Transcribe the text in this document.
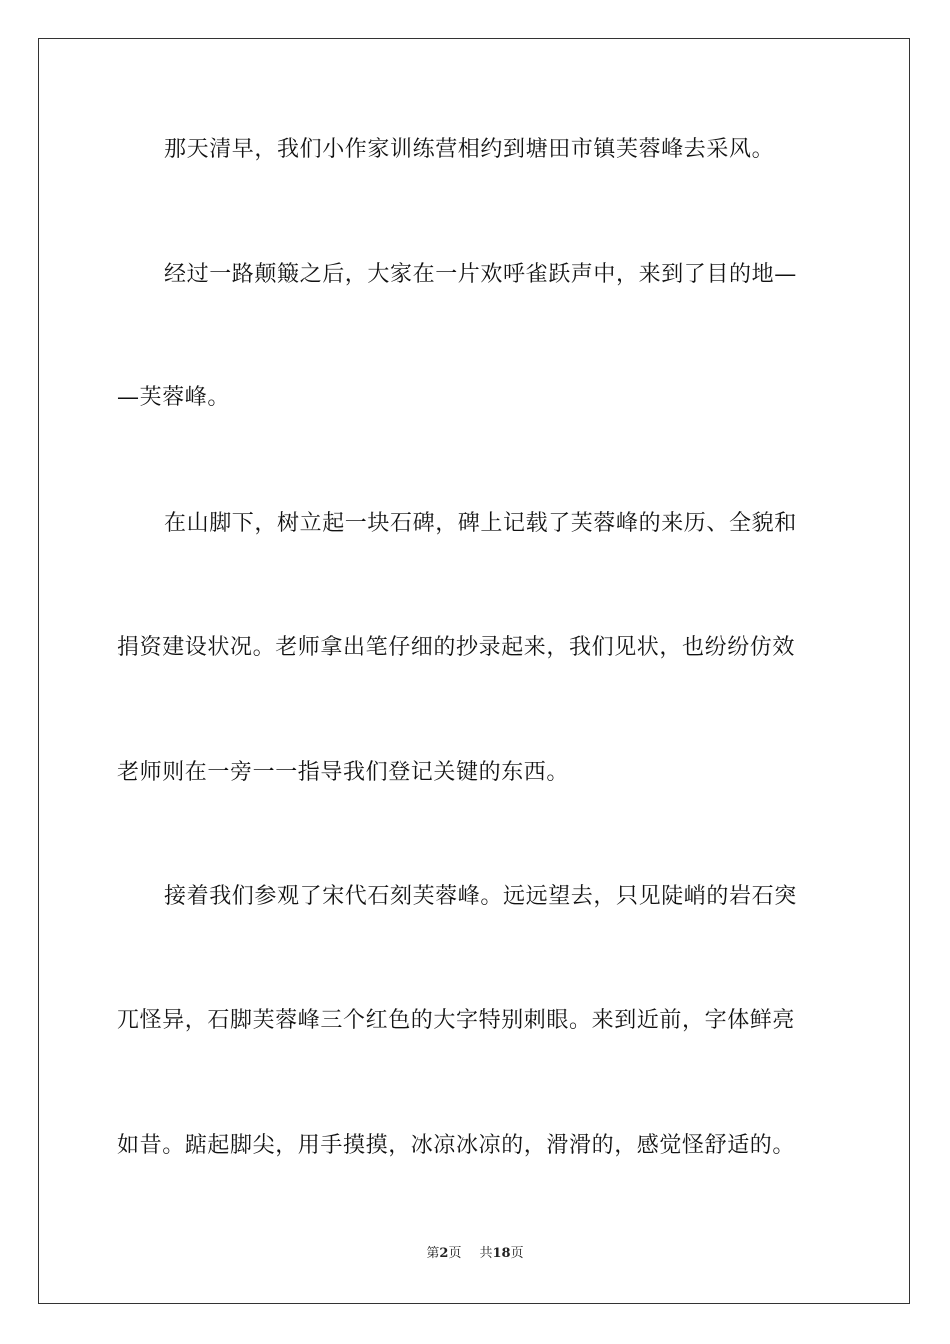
那天清早，我们小作家训练营相约到塘田市镇芙蓉峰去采风。
经过一路颠簸之后，大家在一片欢呼雀跃声中，来到了目的地—
—芙蓉峰。
在山脚下，树立起一块石碑，碑上记载了芙蓉峰的来历、全貌和
捐资建设状况。老师拿出笔仔细的抄录起来，我们见状，也纷纷仿效
老师则在一旁一一指导我们登记关键的东西。
接着我们参观了宋代石刻芙蓉峰。远远望去，只见陡峭的岩石突
兀怪异，石脚芙蓉峰三个红色的大字特别刺眼。来到近前，字体鲜亮
如昔。踮起脚尖，用手摸摸，冰凉冰凉的，滑滑的，感觉怪舒适的。
第2页 共18页
